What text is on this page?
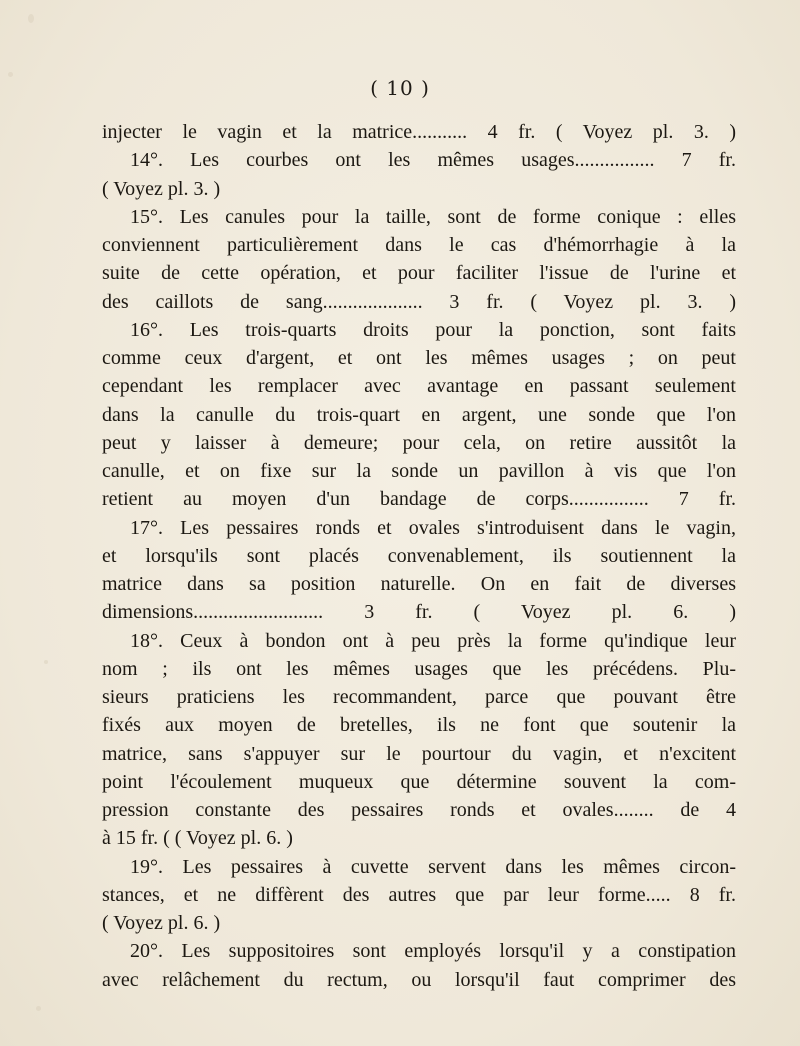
( 10 )
injecter le vagin et la matrice........... 4 fr. ( Voyez pl. 3. )
14°. Les courbes ont les mêmes usages................ 7 fr.
( Voyez pl. 3. )
15°. Les canules pour la taille, sont de forme conique : elles
conviennent particulièrement dans le cas d'hémorrhagie à la
suite de cette opération, et pour faciliter l'issue de l'urine et
des caillots de sang.................... 3 fr. ( Voyez pl. 3. )
16°. Les trois-quarts droits pour la ponction, sont faits
comme ceux d'argent, et ont les mêmes usages ; on peut
cependant les remplacer avec avantage en passant seulement
dans la canulle du trois-quart en argent, une sonde que l'on
peut y laisser à demeure; pour cela, on retire aussitôt la
canulle, et on fixe sur la sonde un pavillon à vis que l'on
retient au moyen d'un bandage de corps................ 7 fr.
17°. Les pessaires ronds et ovales s'introduisent dans le vagin,
et lorsqu'ils sont placés convenablement, ils soutiennent la
matrice dans sa position naturelle. On en fait de diverses
dimensions.......................... 3 fr. ( Voyez pl. 6. )
18°. Ceux à bondon ont à peu près la forme qu'indique leur
nom ; ils ont les mêmes usages que les précédens. Plu-
sieurs praticiens les recommandent, parce que pouvant être
fixés aux moyen de bretelles, ils ne font que soutenir la
matrice, sans s'appuyer sur le pourtour du vagin, et n'excitent
point l'écoulement muqueux que détermine souvent la com-
pression constante des pessaires ronds et ovales........ de 4
à 15 fr. ( ( Voyez pl. 6. )
19°. Les pessaires à cuvette servent dans les mêmes circon-
stances, et ne diffèrent des autres que par leur forme..... 8 fr.
( Voyez pl. 6. )
20°. Les suppositoires sont employés lorsqu'il y a constipation
avec relâchement du rectum, ou lorsqu'il faut comprimer des
